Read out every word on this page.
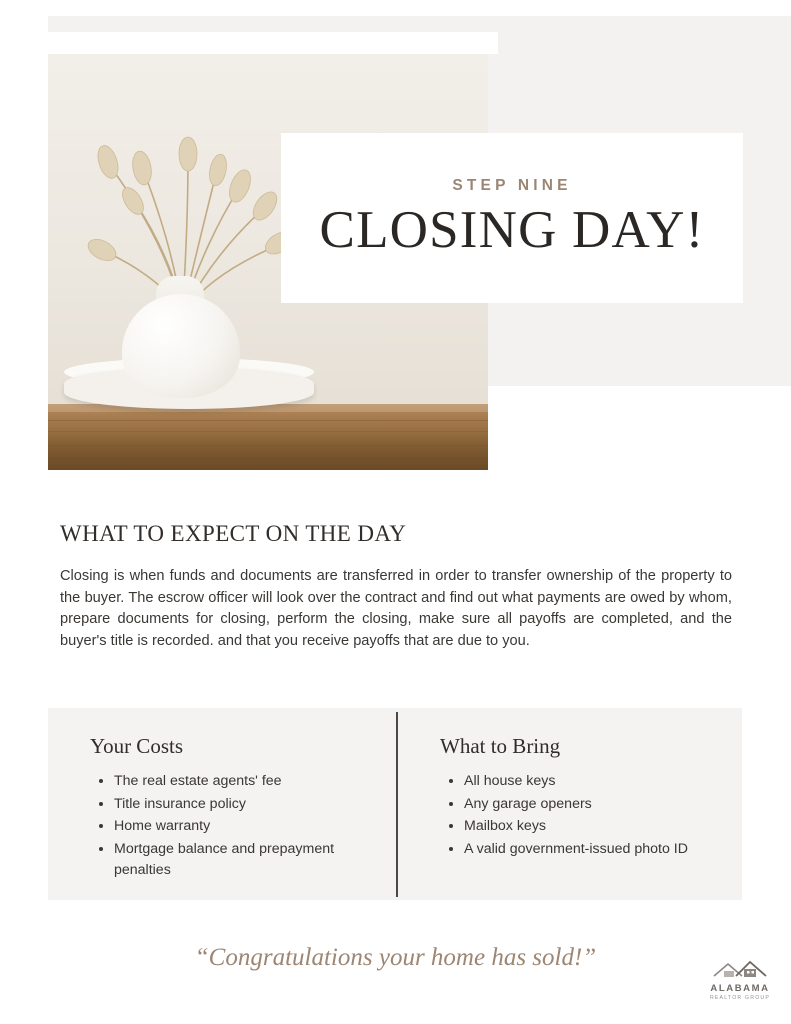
STEP NINE
CLOSING DAY!
WHAT TO EXPECT ON THE DAY
Closing is when funds and documents are transferred in order to transfer ownership of the property to the buyer. The escrow officer will look over the contract and find out what payments are owed by whom, prepare documents for closing, perform the closing, make sure all payoffs are completed, and the buyer's title is recorded. and that you receive payoffs that are due to you.
Your Costs
• The real estate agents' fee
• Title insurance policy
• Home warranty
• Mortgage balance and prepayment penalties
What to Bring
• All house keys
• Any garage openers
• Mailbox keys
• A valid government-issued photo ID
“Congratulations your home has sold!”
ALABAMA
REALTOR GROUP
